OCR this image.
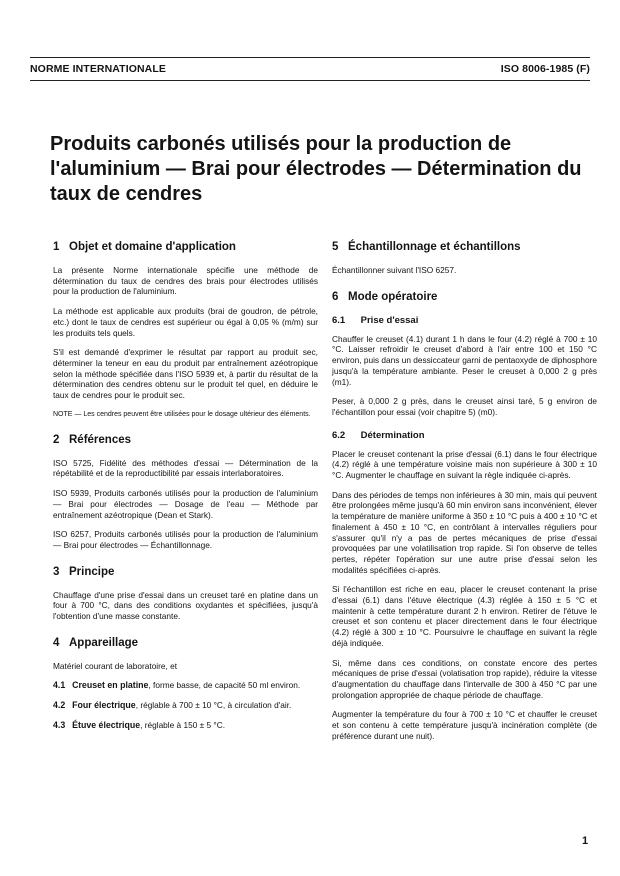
NORME INTERNATIONALE	ISO 8006-1985 (F)
Produits carbonés utilisés pour la production de l'aluminium — Brai pour électrodes — Détermination du taux de cendres
1 Objet et domaine d'application

La présente Norme internationale spécifie une méthode de détermination du taux de cendres des brais pour électrodes utilisés pour la production de l'aluminium.

La méthode est applicable aux produits (brai de goudron, de pétrole, etc.) dont le taux de cendres est supérieur ou égal à 0,05 % (m/m) sur les produits tels quels.

S'il est demandé d'exprimer le résultat par rapport au produit sec, déterminer la teneur en eau du produit par entraînement azéotropique selon la méthode spécifiée dans l'ISO 5939 et, à partir du résultat de la détermination des cendres obtenu sur le produit tel quel, en déduire le taux de cendres pour le produit sec.

NOTE — Les cendres peuvent être utilisées pour le dosage ultérieur des éléments.

2 Références

ISO 5725, Fidélité des méthodes d'essai — Détermination de la répétabilité et de la reproductibilité par essais interlaboratoires.

ISO 5939, Produits carbonés utilisés pour la production de l'aluminium — Brai pour électrodes — Dosage de l'eau — Méthode par entraînement azéotropique (Dean et Stark).

ISO 6257, Produits carbonés utilisés pour la production de l'aluminium — Brai pour électrodes — Échantillonnage.

3 Principe

Chauffage d'une prise d'essai dans un creuset taré en platine dans un four à 700 °C, dans des conditions oxydantes et spécifiées, jusqu'à l'obtention d'une masse constante.

4 Appareillage

Matériel courant de laboratoire, et

4.1 Creuset en platine, forme basse, de capacité 50 ml environ.

4.2 Four électrique, réglable à 700 ± 10 °C, à circulation d'air.

4.3 Étuve électrique, réglable à 150 ± 5 °C.

5 Échantillonnage et échantillons

Échantillonner suivant l'ISO 6257.

6 Mode opératoire
6.1 Prise d'essai

Chauffer le creuset (4.1) durant 1 h dans le four (4.2) réglé à 700 ± 10 °C. Laisser refroidir le creuset d'abord à l'air entre 100 et 150 °C environ, puis dans un dessiccateur garni de pentaoxyde de diphosphore jusqu'à la température ambiante. Peser le creuset à 0,000 2 g près (m1).

Peser, à 0,000 2 g près, dans le creuset ainsi taré, 5 g environ de l'échantillon pour essai (voir chapitre 5) (m0).

6.2 Détermination

Placer le creuset contenant la prise d'essai (6.1) dans le four électrique (4.2) réglé à une température voisine mais non supérieure à 300 ± 10 °C. Augmenter le chauffage en suivant la règle indiquée ci-après.

Dans des périodes de temps non inférieures à 30 min, mais qui peuvent être prolongées même jusqu'à 60 min environ sans inconvénient, élever la température de manière uniforme à 350 ± 10 °C puis à 400 ± 10 °C et finalement à 450 ± 10 °C, en contrôlant à intervalles réguliers pour s'assurer qu'il n'y a pas de pertes mécaniques de prise d'essai provoquées par une volatilisation trop rapide. Si l'on observe de telles pertes, répéter l'opération sur une autre prise d'essai selon les modalités spécifiées ci-après.

Si l'échantillon est riche en eau, placer le creuset contenant la prise d'essai (6.1) dans l'étuve électrique (4.3) réglée à 150 ± 5 °C et maintenir à cette température durant 2 h environ. Retirer de l'étuve le creuset et son contenu et placer directement dans le four électrique (4.2) réglé à 300 ± 10 °C. Poursuivre le chauffage en suivant la règle déjà indiquée.

Si, même dans ces conditions, on constate encore des pertes mécaniques de prise d'essai (volatisation trop rapide), réduire la vitesse d'augmentation du chauffage dans l'intervalle de 300 à 450 °C par une prolongation appropriée de chaque période de chauffage.

Augmenter la température du four à 700 ± 10 °C et chauffer le creuset et son contenu à cette température jusqu'à incinération complète (de préférence durant une nuit).

1
